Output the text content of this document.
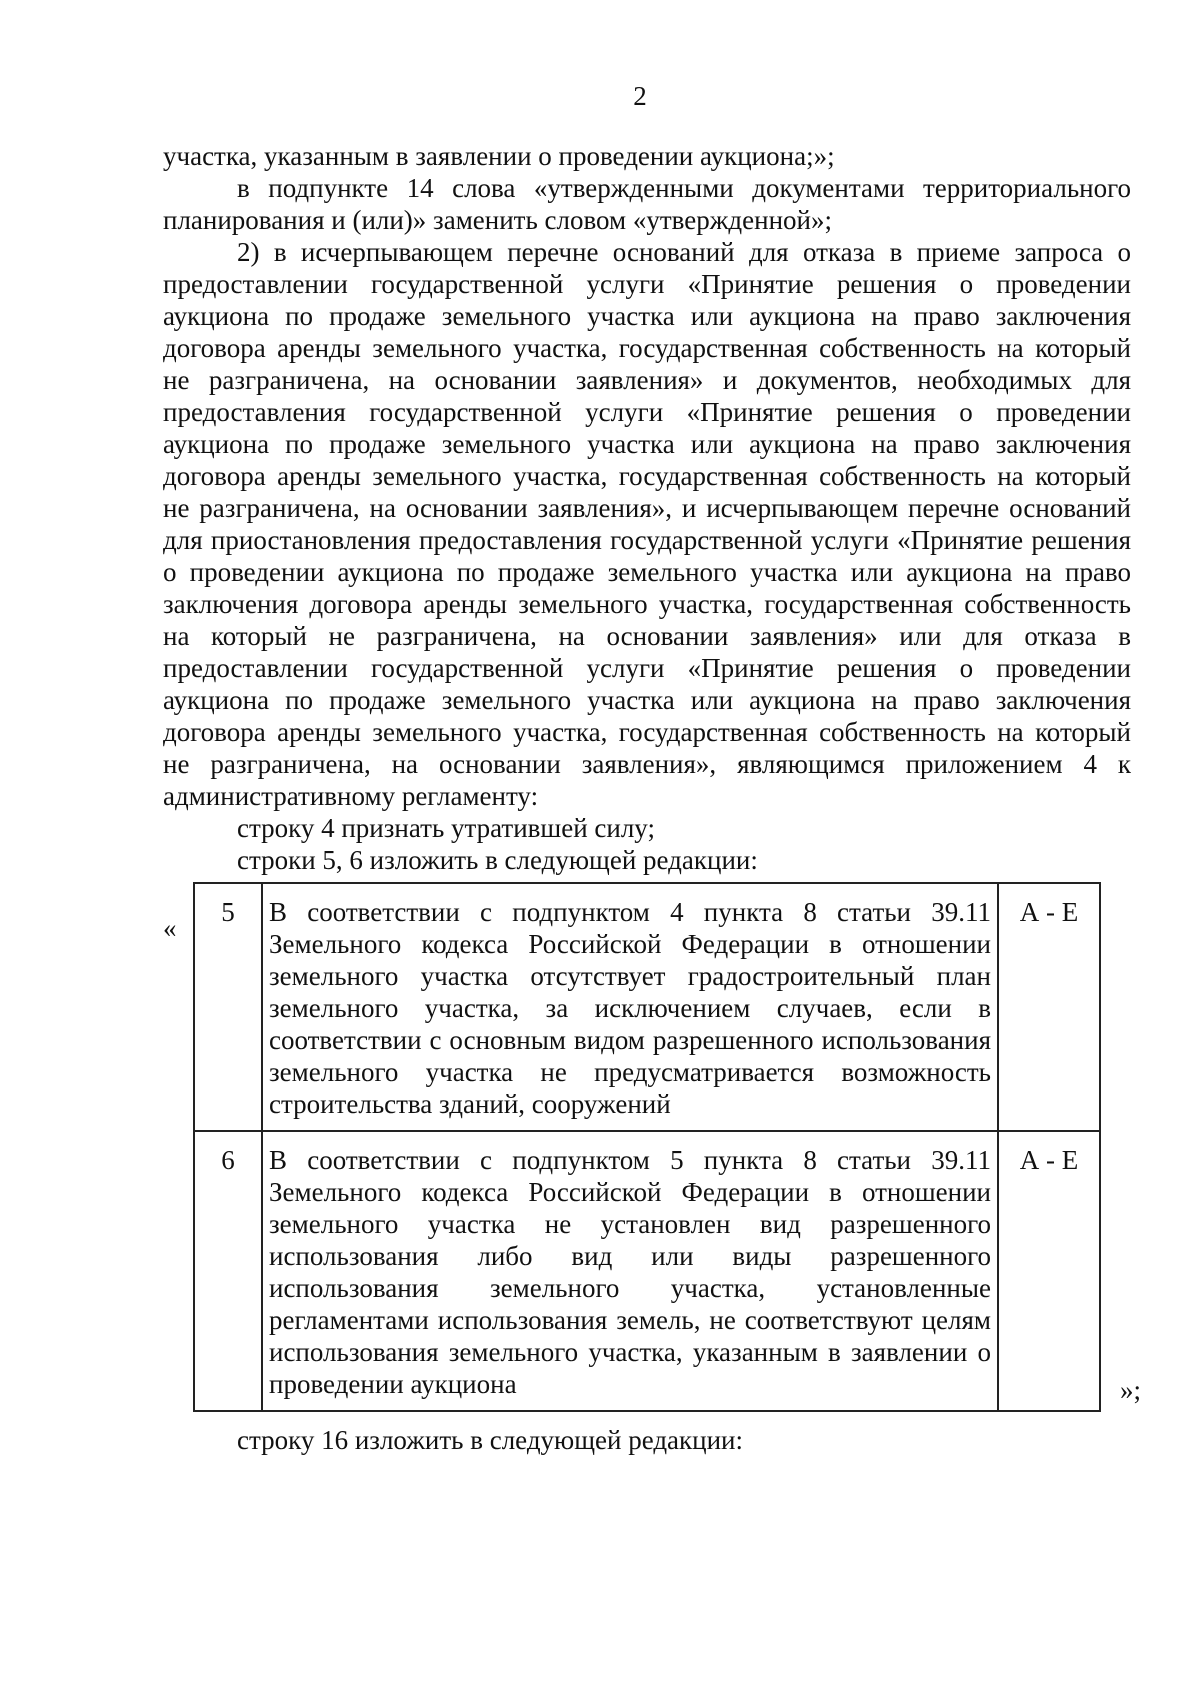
2

участка, указанным в заявлении о проведении аукциона;»;

в подпункте 14 слова «утвержденными документами территориального планирования и (или)» заменить словом «утвержденной»;

2) в исчерпывающем перечне оснований для отказа в приеме запроса о предоставлении государственной услуги «Принятие решения о проведении аукциона по продаже земельного участка или аукциона на право заключения договора аренды земельного участка, государственная собственность на который не разграничена, на основании заявления» и документов, необходимых для предоставления государственной услуги «Принятие решения о проведении аукциона по продаже земельного участка или аукциона на право заключения договора аренды земельного участка, государственная собственность на который не разграничена, на основании заявления», и исчерпывающем перечне оснований для приостановления предоставления государственной услуги «Принятие решения о проведении аукциона по продаже земельного участка или аукциона на право заключения договора аренды земельного участка, государственная собственность на который не разграничена, на основании заявления» или для отказа в предоставлении государственной услуги «Принятие решения о проведении аукциона по продаже земельного участка или аукциона на право заключения договора аренды земельного участка, государственная собственность на который не разграничена, на основании заявления», являющимся приложением 4 к административному регламенту:

строку 4 признать утратившей силу;

строки 5, 6 изложить в следующей редакции:

«
5	В соответствии с подпунктом 4 пункта 8 статьи 39.11 Земельного кодекса Российской Федерации в отношении земельного участка отсутствует градостроительный план земельного участка, за исключением случаев, если в соответствии с основным видом разрешенного использования земельного участка не предусматривается возможность строительства зданий, сооружений	А - Е
6	В соответствии с подпунктом 5 пункта 8 статьи 39.11 Земельного кодекса Российской Федерации в отношении земельного участка не установлен вид разрешенного использования либо вид или виды разрешенного использования земельного участка, установленные регламентами использования земель, не соответствуют целям использования земельного участка, указанным в заявлении о проведении аукциона	А - Е
»;

строку 16 изложить в следующей редакции:
